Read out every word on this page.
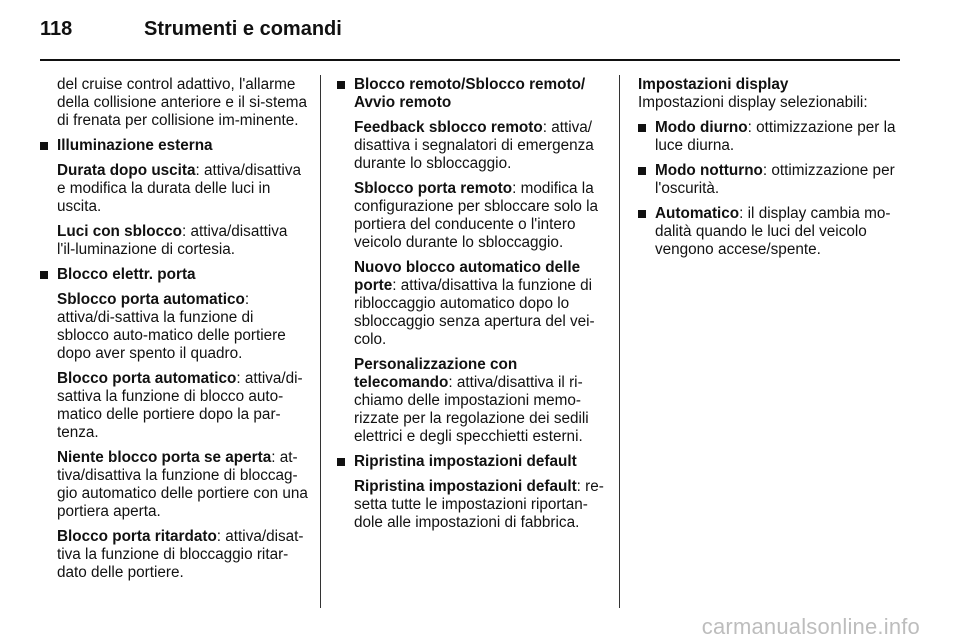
118	Strumenti e comandi

del cruise control adattivo, l'allarme della collisione anteriore e il si-stema di frenata per collisione im-minente.

Illuminazione esterna

Durata dopo uscita: attiva/disattiva e modifica la durata delle luci in uscita.

Luci con sblocco: attiva/disattiva l'il-luminazione di cortesia.

Blocco elettr. porta

Sblocco porta automatico: attiva/di-sattiva la funzione di sblocco auto-matico delle portiere dopo aver spento il quadro.

Blocco porta automatico: attiva/di-sattiva la funzione di blocco auto-matico delle portiere dopo la par-tenza.

Niente blocco porta se aperta: at-tiva/disattiva la funzione di bloccag-gio automatico delle portiere con una portiera aperta.

Blocco porta ritardato: attiva/disat-tiva la funzione di bloccaggio ritar-dato delle portiere.

Blocco remoto/Sblocco remoto/ Avvio remoto

Feedback sblocco remoto: attiva/ disattiva i segnalatori di emergenza durante lo sbloccaggio.

Sblocco porta remoto: modifica la configurazione per sbloccare solo la portiera del conducente o l'intero veicolo durante lo sbloccaggio.

Nuovo blocco automatico delle porte: attiva/disattiva la funzione di ribloccaggio automatico dopo lo sbloccaggio senza apertura del vei-colo.

Personalizzazione con telecomando: attiva/disattiva il ri-chiamo delle impostazioni memo-rizzate per la regolazione dei sedili elettrici e degli specchietti esterni.

Ripristina impostazioni default

Ripristina impostazioni default: re-setta tutte le impostazioni riportan-dole alle impostazioni di fabbrica.

Impostazioni display

Impostazioni display selezionabili:

Modo diurno: ottimizzazione per la luce diurna.

Modo notturno: ottimizzazione per l'oscurità.

Automatico: il display cambia mo-dalità quando le luci del veicolo vengono accese/spente.

carmanualsonline.info
